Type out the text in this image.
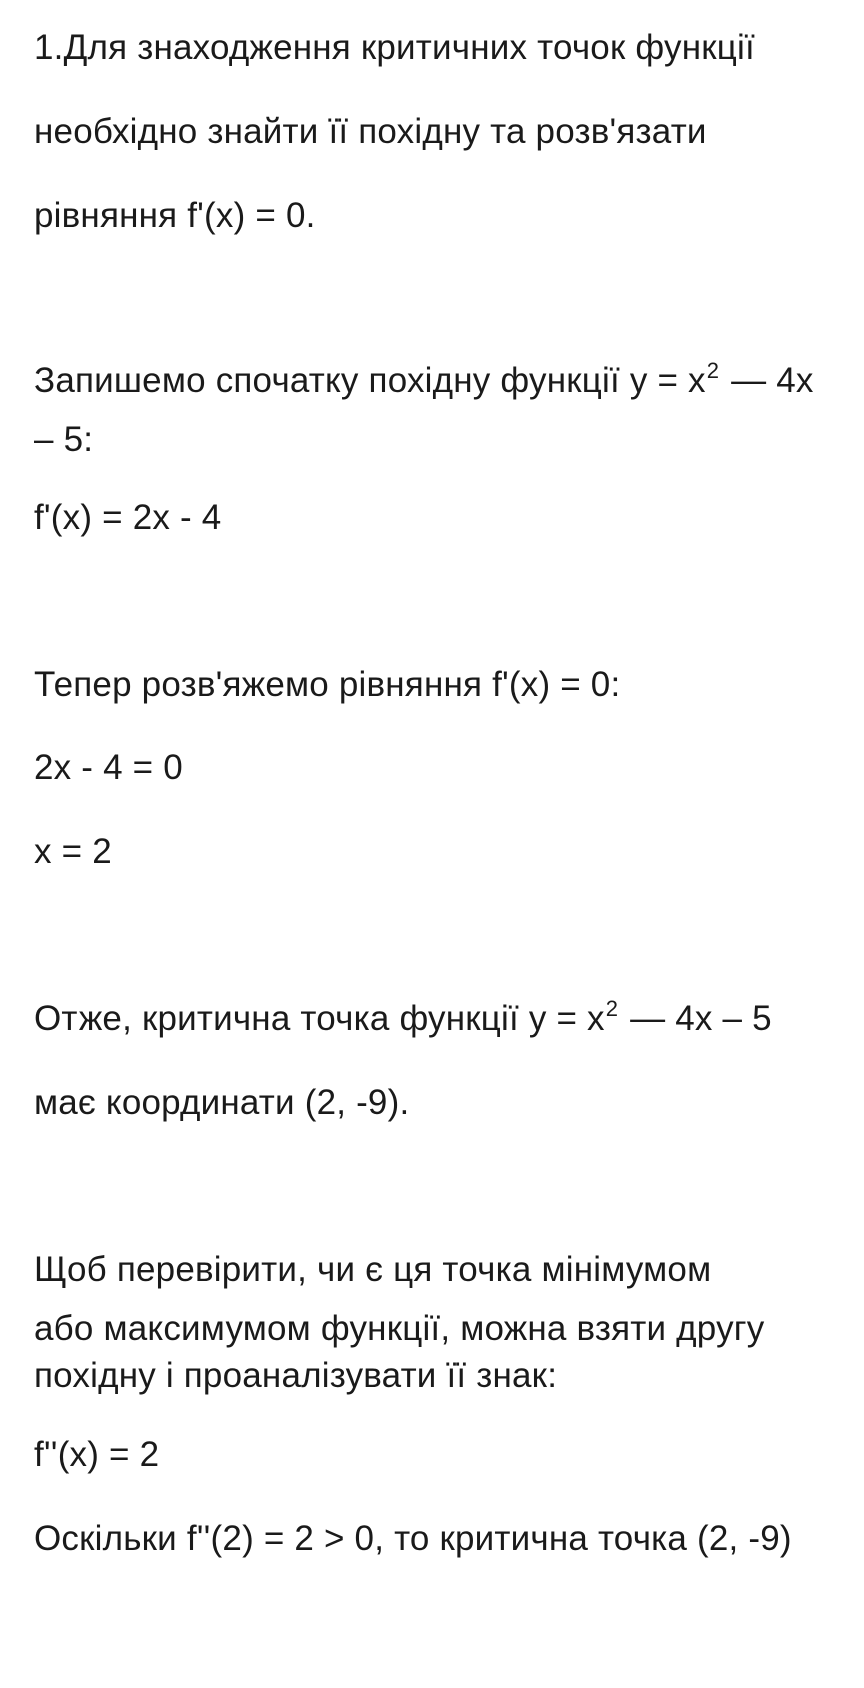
1.Для знаходження критичних точок функції
необхідно знайти її похідну та розв'язати
рівняння f'(x) = 0.
Запишемо спочатку похідну функції $y = x^2$ — 4x
– 5:
f'(x) = 2x - 4
Тепер розв'яжемо рівняння f'(x) = 0:
2x - 4 = 0
x = 2
Отже, критична точка функції $y = x^2$ — 4x – 5
має координати (2, -9).
Щоб перевірити, чи є ця точка мінімумом
або максимумом функції, можна взяти другу
похідну і проаналізувати її знак:
f''(x) = 2
Оскільки f''(2) = 2 > 0, то критична точка (2, -9)
